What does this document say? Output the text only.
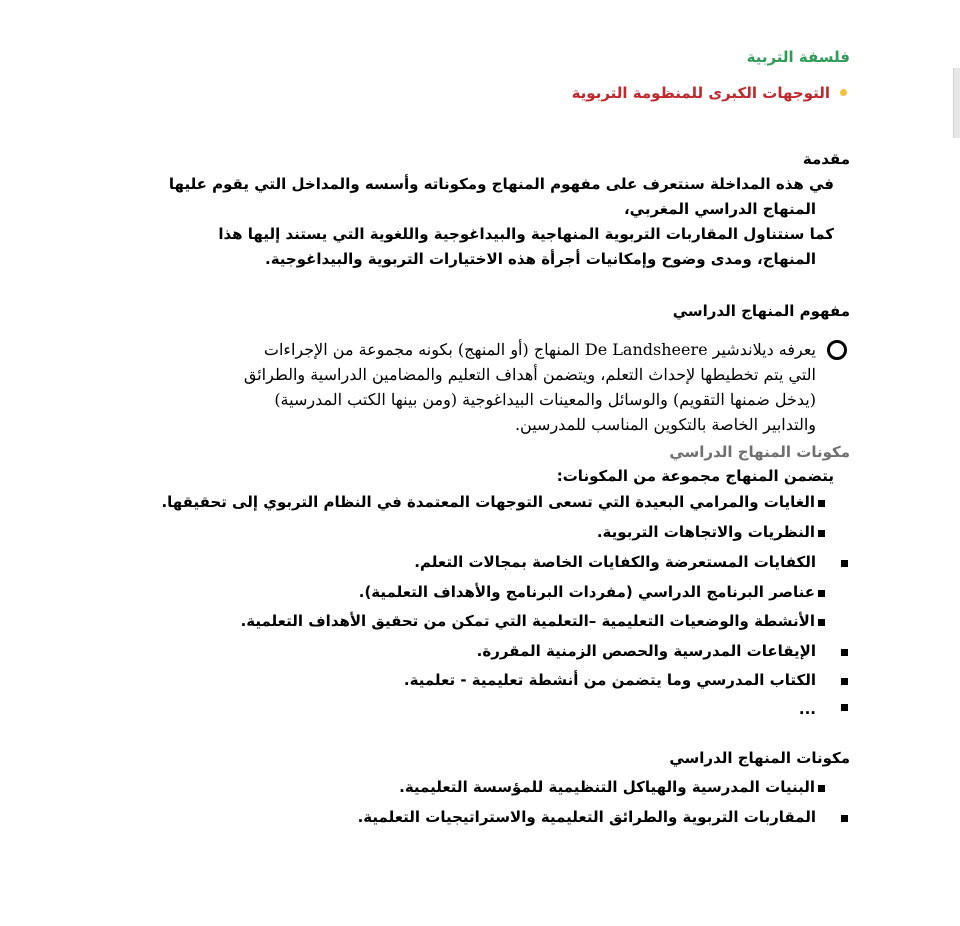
فلسفة التربية
التوجهات الكبرى للمنظومة التربوية
مقدمة
في هذه المداخلة سنتعرف على مفهوم المنهاج ومكوناته وأسسه والمداخل التي يقوم عليها
المنهاج الدراسي المغربي،
كما سنتناول المقاربات التربوية المنهاجية والبيداغوجية واللغوية التي يستند إليها هذا
المنهاج، ومدى وضوح وإمكانيات أجرأة هذه الاختيارات التربوية والبيداغوجية.
مفهوم المنهاج الدراسي
يعرفه ديلاندشير De Landsheere المنهاج (أو المنهج) بكونه مجموعة من الإجراءات
التي يتم تخطيطها لإحداث التعلم، ويتضمن أهداف التعليم والمضامين الدراسية والطرائق
(يدخل ضمنها التقويم) والوسائل والمعينات البيداغوجية (ومن بينها الكتب المدرسية)
والتدابير الخاصة بالتكوين المناسب للمدرسين.
مكونات المنهاج الدراسي
يتضمن المنهاج مجموعة من المكونات:
الغايات والمرامي البعيدة التي تسعى التوجهات المعتمدة في النظام التربوي إلى تحقيقها.
النظريات والاتجاهات التربوية.
الكفايات المستعرضة والكفايات الخاصة بمجالات التعلم.
عناصر البرنامج الدراسي (مفردات البرنامج والأهداف التعلمية).
الأنشطة والوضعيات التعليمية –التعلمية التي تمكن من تحقيق الأهداف التعلمية.
الإيقاعات المدرسية والحصص الزمنية المقررة.
الكتاب المدرسي وما يتضمن من أنشطة تعليمية - تعلمية.
...
مكونات المنهاج الدراسي
البنيات المدرسية والهياكل التنظيمية للمؤسسة التعليمية.
المقاربات التربوية والطرائق التعليمية والاستراتيجيات التعلمية.
